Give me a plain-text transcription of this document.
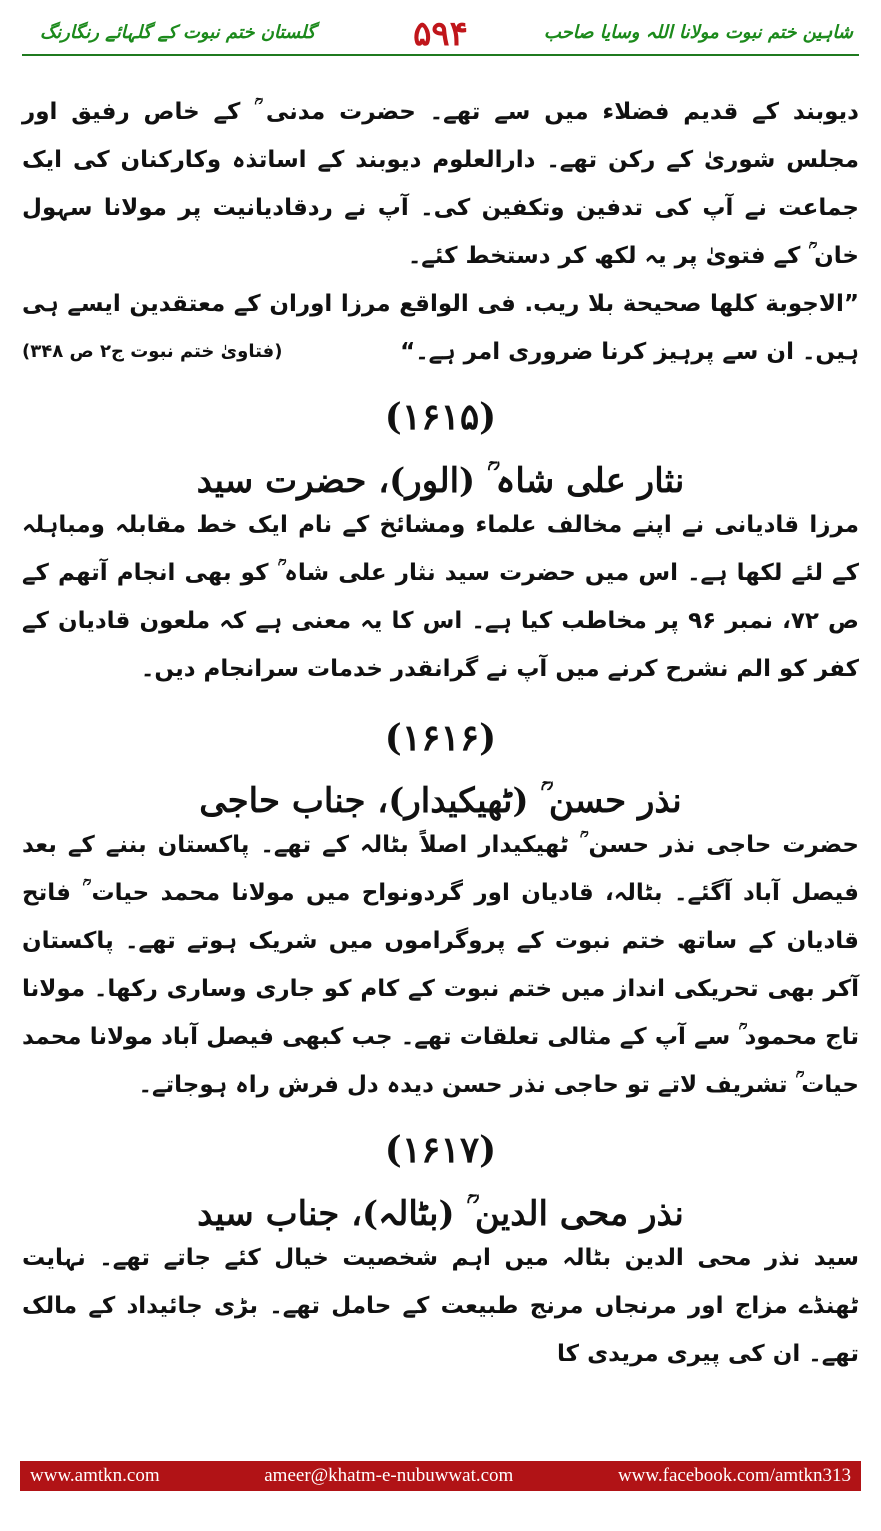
شاہین ختم نبوت مولانا اللہ وسایا صاحب
۵۹۴
گلستان ختم نبوت کے گلہائے رنگارنگ

دیوبند کے قدیم فضلاء میں سے تھے۔ حضرت مدنی ؒ کے خاص رفیق اور مجلس شوریٰ کے رکن تھے۔ دارالعلوم دیوبند کے اساتذہ وکارکنان کی ایک جماعت نے آپ کی تدفین وتکفین کی۔ آپ نے ردقادیانیت پر مولانا سہول خان ؒ کے فتویٰ پر یہ لکھ کر دستخط کئے۔

”الاجوبة کلها صحیحة بلا ریب. فی الواقع مرزا اوران کے معتقدین ایسے ہی ہیں۔ ان سے پرہیز کرنا ضروری امر ہے۔“
(فتاویٰ ختم نبوت ج۲ ص ۳۴۸)

(۱۶۱۵)

نثار علی شاہ ؒ (الور)، حضرت سید

مرزا قادیانی نے اپنے مخالف علماء ومشائخ کے نام ایک خط مقابلہ ومباہلہ کے لئے لکھا ہے۔ اس میں حضرت سید نثار علی شاہ ؒ کو بھی انجام آتھم کے ص ۷۲، نمبر ۹۶ پر مخاطب کیا ہے۔ اس کا یہ معنی ہے کہ ملعون قادیان کے کفر کو الم نشرح کرنے میں آپ نے گرانقدر خدمات سرانجام دیں۔

(۱۶۱۶)

نذر حسن ؒ (ٹھیکیدار)، جناب حاجی

حضرت حاجی نذر حسن ؒ ٹھیکیدار اصلاً بٹالہ کے تھے۔ پاکستان بننے کے بعد فیصل آباد آگئے۔ بٹالہ، قادیان اور گردونواح میں مولانا محمد حیات ؒ فاتح قادیان کے ساتھ ختم نبوت کے پروگراموں میں شریک ہوتے تھے۔ پاکستان آکر بھی تحریکی انداز میں ختم نبوت کے کام کو جاری وساری رکھا۔ مولانا تاج محمود ؒ سے آپ کے مثالی تعلقات تھے۔ جب کبھی فیصل آباد مولانا محمد حیات ؒ تشریف لاتے تو حاجی نذر حسن دیدہ دل فرش راہ ہوجاتے۔

(۱۶۱۷)

نذر محی الدین ؒ (بٹالہ)، جناب سید

سید نذر محی الدین بٹالہ میں اہم شخصیت خیال کئے جاتے تھے۔ نہایت ٹھنڈے مزاج اور مرنجاں مرنج طبیعت کے حامل تھے۔ بڑی جائیداد کے مالک تھے۔ ان کی پیری مریدی کا

www.amtkn.com	ameer@khatm-e-nubuwwat.com	www.facebook.com/amtkn313
